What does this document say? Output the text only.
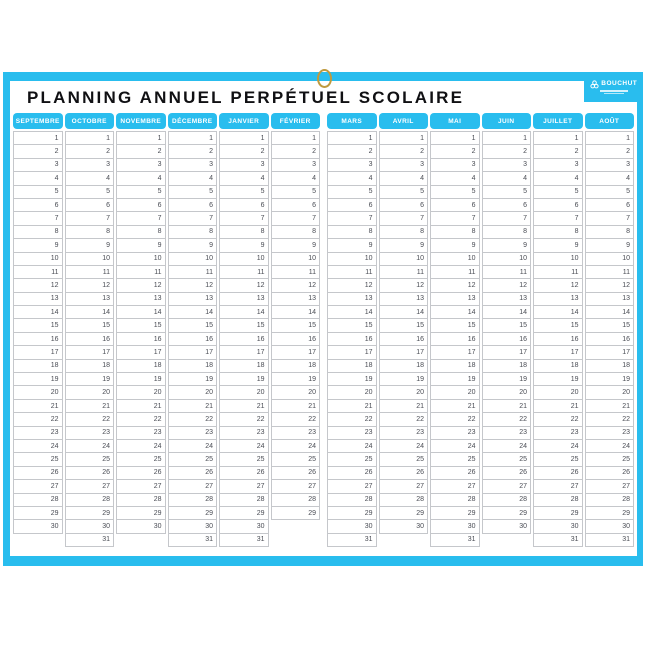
PLANNING ANNUEL PERPÉTUEL SCOLAIRE
SEPTEMBRE
1
2
3
4
5
6
7
8
9
10
11
12
13
14
15
16
17
18
19
20
21
22
23
24
25
26
27
28
29
30
OCTOBRE
1
2
3
4
5
6
7
8
9
10
11
12
13
14
15
16
17
18
19
20
21
22
23
24
25
26
27
28
29
30
31
NOVEMBRE
1
2
3
4
5
6
7
8
9
10
11
12
13
14
15
16
17
18
19
20
21
22
23
24
25
26
27
28
29
30
DÉCEMBRE
1
2
3
4
5
6
7
8
9
10
11
12
13
14
15
16
17
18
19
20
21
22
23
24
25
26
27
28
29
30
31
JANVIER
1
2
3
4
5
6
7
8
9
10
11
12
13
14
15
16
17
18
19
20
21
22
23
24
25
26
27
28
29
30
31
FÉVRIER
1
2
3
4
5
6
7
8
9
10
11
12
13
14
15
16
17
18
19
20
21
22
23
24
25
26
27
28
29
MARS
1
2
3
4
5
6
7
8
9
10
11
12
13
14
15
16
17
18
19
20
21
22
23
24
25
26
27
28
29
30
31
AVRIL
1
2
3
4
5
6
7
8
9
10
11
12
13
14
15
16
17
18
19
20
21
22
23
24
25
26
27
28
29
30
MAI
1
2
3
4
5
6
7
8
9
10
11
12
13
14
15
16
17
18
19
20
21
22
23
24
25
26
27
28
29
30
31
JUIN
1
2
3
4
5
6
7
8
9
10
11
12
13
14
15
16
17
18
19
20
21
22
23
24
25
26
27
28
29
30
JUILLET
1
2
3
4
5
6
7
8
9
10
11
12
13
14
15
16
17
18
19
20
21
22
23
24
25
26
27
28
29
30
31
AOÛT
1
2
3
4
5
6
7
8
9
10
11
12
13
14
15
16
17
18
19
20
21
22
23
24
25
26
27
28
29
30
31
BOUCHUT
